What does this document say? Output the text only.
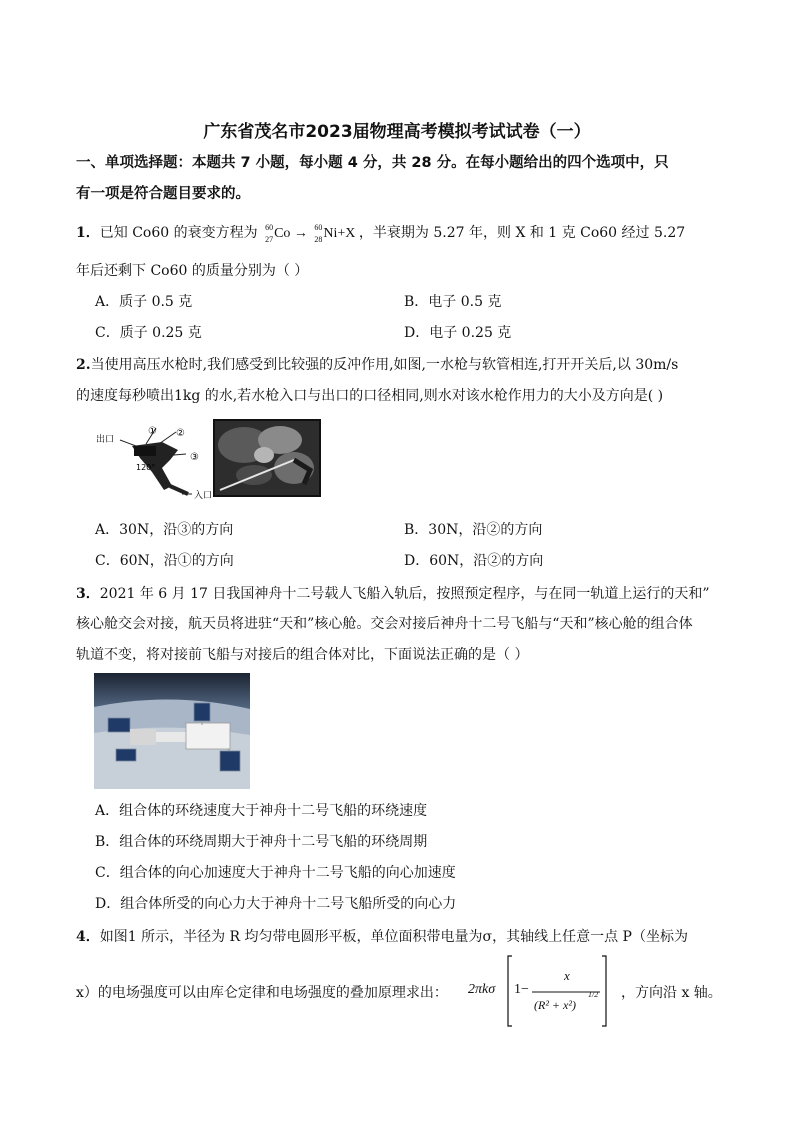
广东省茂名市2023届物理高考模拟考试试卷（一）
一、单项选择题：本题共 7 小题，每小题 4 分，共 28 分。在每小题给出的四个选项中，只
有一项是符合题目要求的。
1．已知 Co60 的衰变方程为 60
27 Co → 60
28 Ni+X ，半衰期为 5.27 年，则 X 和 1 克 Co60 经过 5.27
年后还剩下 Co60 的质量分别为（ ）
A．质子 0.5 克	B．电子 0.5 克
C．质子 0.25 克	D．电子 0.25 克
2.当使用高压水枪时,我们感受到比较强的反冲作用,如图,一水枪与软管相连,打开开关后,以 30m/s
的速度每秒喷出1kg 的水,若水枪入口与出口的口径相同,则水对该水枪作用力的大小及方向是( )
出口
① ②
③
120°
入口
A．30N，沿③的方向	B．30N，沿②的方向
C．60N，沿①的方向	D．60N，沿②的方向
3．2021 年 6 月 17 日我国神舟十二号载人飞船入轨后，按照预定程序，与在同一轨道上运行的天和”
核心舱交会对接，航天员将进驻“天和”核心舱。交会对接后神舟十二号飞船与“天和”核心舱的组合体
轨道不变，将对接前飞船与对接后的组合体对比，下面说法正确的是（ ）
A．组合体的环绕速度大于神舟十二号飞船的环绕速度
B．组合体的环绕周期大于神舟十二号飞船的环绕周期
C．组合体的向心加速度大于神舟十二号飞船的向心加速度
D．组合体所受的向心力大于神舟十二号飞船所受的向心力
4．如图1 所示，半径为 R 均匀带电圆形平板，单位面积带电量为σ，其轴线上任意一点 P（坐标为
x）的电场强度可以由库仑定律和电场强度的叠加原理求出： 2πkσ 1−
x
(R² + x²)
1/2 ，方向沿 x 轴。
